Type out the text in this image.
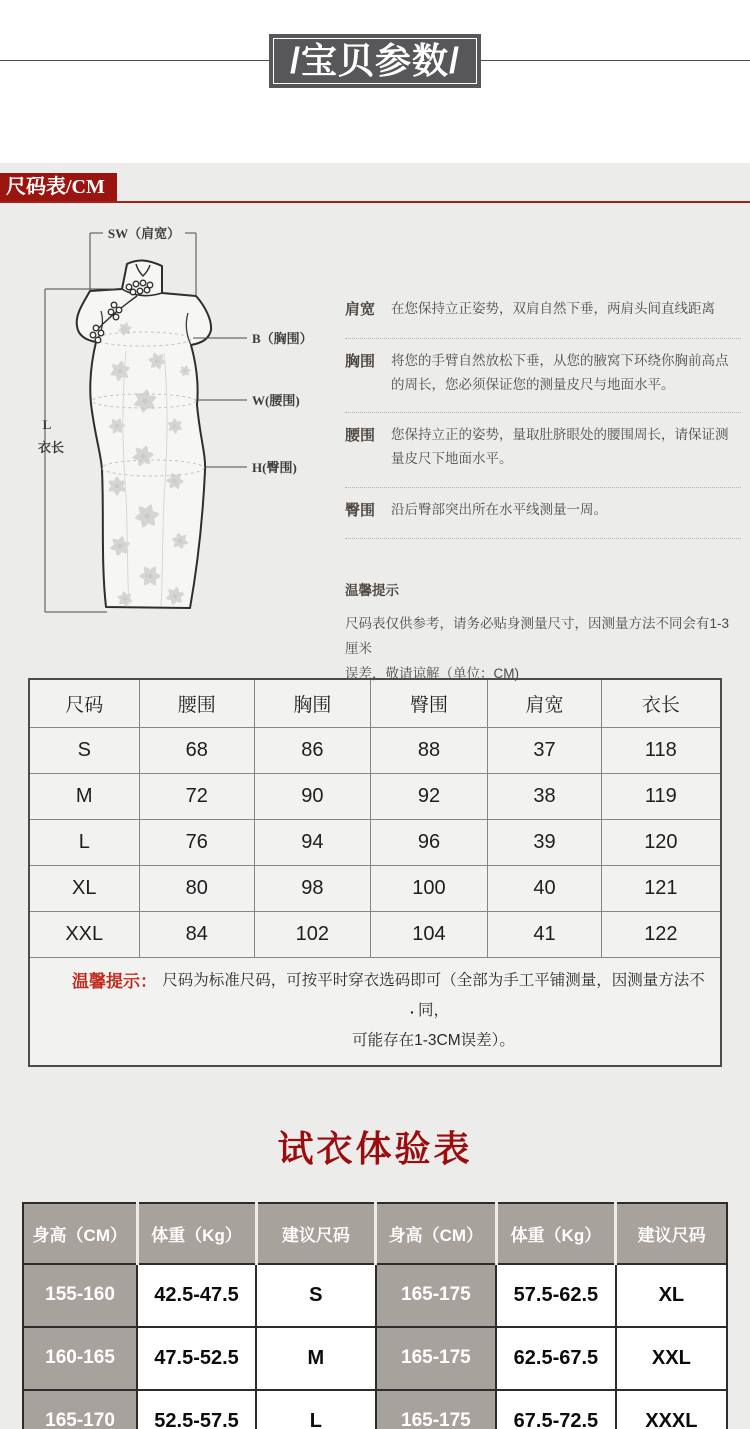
/宝贝参数/
尺码表/CM
SW（肩宽）
B（胸围）
W(腰围)
H(臀围)
L
衣长
肩宽	在您保持立正姿势，双肩自然下垂，两肩头间直线距离
胸围	将您的手臂自然放松下垂，从您的腋窝下环绕你胸前高点的周长，您必须保证您的测量皮尺与地面水平。
腰围	您保持立正的姿势，量取肚脐眼处的腰围周长，请保证测量皮尺下地面水平。
臀围	沿后臀部突出所在水平线测量一周。
温馨提示
尺码表仅供参考，请务必贴身测量尺寸，因测量方法不同会有1-3厘米
误差，敬请谅解（单位：CM)
尺码	腰围	胸围	臀围	肩宽	衣长
S	68	86	88	37	118
M	72	90	92	38	119
L	76	94	96	39	120
XL	80	98	100	40	121
XXL	84	102	104	41	122

温馨提示： 尺码为标准尺码，可按平时穿衣选码即可（全部为手工平铺测量，因测量方法不同，
可能存在1-3CM误差）。
·					
试衣体验表
身高（CM）	体重（Kg）	建议尺码	身高（CM）	体重（Kg）	建议尺码
155-160	42.5-47.5	S	165-175	57.5-62.5	XL
160-165	47.5-52.5	M	165-175	62.5-67.5	XXL
165-170	52.5-57.5	L	165-175	67.5-72.5	XXXL
